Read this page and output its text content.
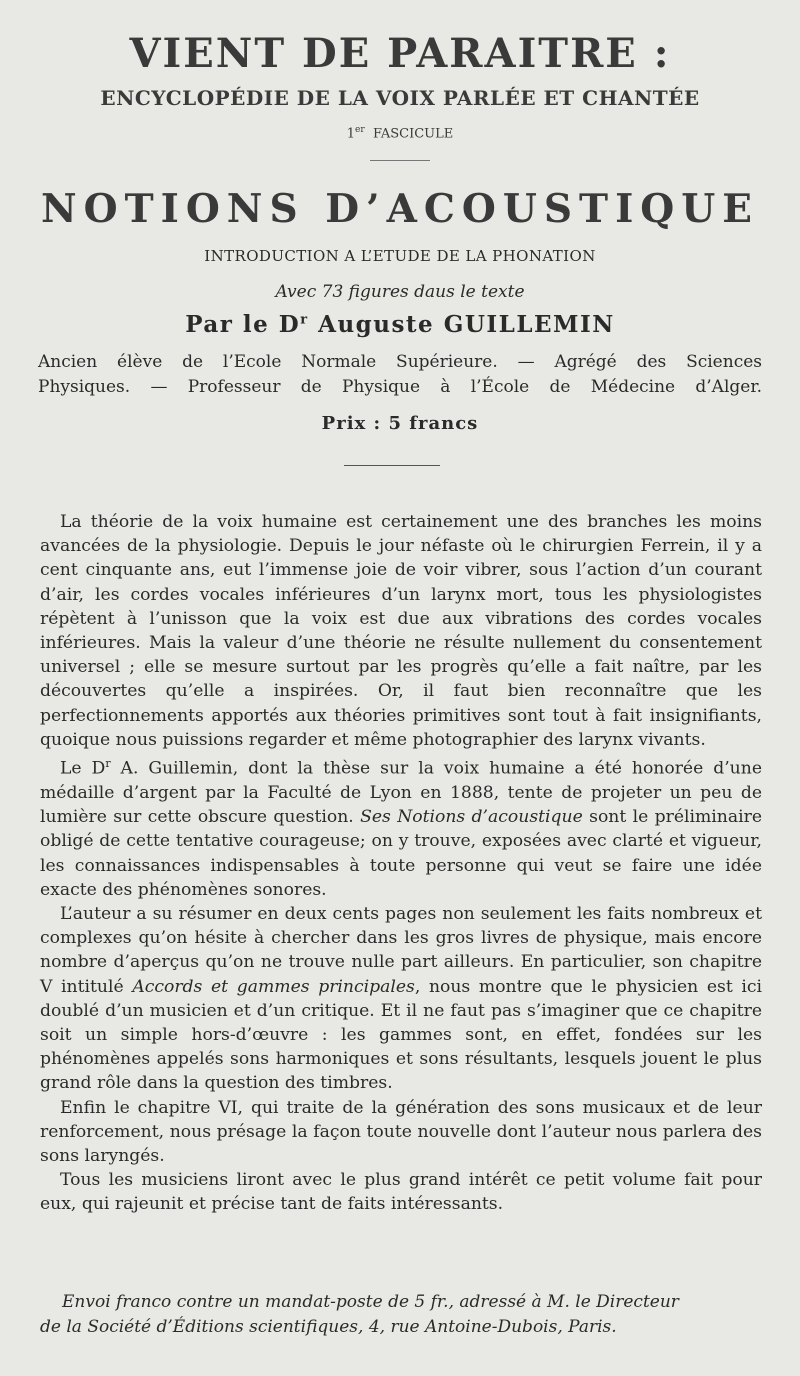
VIENT DE PARAITRE :
ENCYCLOPÉDIE DE LA VOIX PARLÉE ET CHANTÉE
1er FASCICULE
NOTIONS D’ACOUSTIQUE
INTRODUCTION A L’ETUDE DE LA PHONATION
Avec 73 figures daus le texte
Par le $D^r$ Auguste GUILLEMIN
Ancien élève de l’Ecole Normale Supérieure. — Agrégé des Sciences
Physiques. — Professeur de Physique à l’École de Médecine d’Alger.
Prix : 5 francs

La théorie de la voix humaine est certainement une des branches les moins avancées de la physiologie. Depuis le jour néfaste où le chirurgien Ferrein, il y a cent cinquante ans, eut l’immense joie de voir vibrer, sous l’action d’un courant d’air, les cordes vocales inférieures d’un larynx mort, tous les physiologistes répètent à l’unisson que la voix est due aux vibrations des cordes vocales inférieures. Mais la valeur d’une théorie ne résulte nullement du consentement universel ; elle se mesure surtout par les progrès qu’elle a fait naître, par les découvertes qu’elle a inspirées. Or, il faut bien reconnaître que les perfectionnements apportés aux théories primitives sont tout à fait insignifiants, quoique nous puissions regarder et même photographier des larynx vivants.

Le $D^r$ A. Guillemin, dont la thèse sur la voix humaine a été honorée d’une médaille d’argent par la Faculté de Lyon en 1888, tente de projeter un peu de lumière sur cette obscure question. Ses Notions d’acoustique sont le préliminaire obligé de cette tentative courageuse; on y trouve, exposées avec clarté et vigueur, les connaissances indispensables à toute personne qui veut se faire une idée exacte des phénomènes sonores.

L’auteur a su résumer en deux cents pages non seulement les faits nombreux et complexes qu’on hésite à chercher dans les gros livres de physique, mais encore nombre d’aperçus qu’on ne trouve nulle part ailleurs. En particulier, son chapitre V intitulé Accords et gammes principales, nous montre que le physicien est ici doublé d’un musicien et d’un critique. Et il ne faut pas s’imaginer que ce chapitre soit un simple hors-d’œuvre : les gammes sont, en effet, fondées sur les phénomènes appelés sons harmoniques et sons résultants, lesquels jouent le plus grand rôle dans la question des timbres.

Enfin le chapitre VI, qui traite de la génération des sons musicaux et de leur renforcement, nous présage la façon toute nouvelle dont l’auteur nous parlera des sons laryngés.

Tous les musiciens liront avec le plus grand intérêt ce petit volume fait pour eux, qui rajeunit et précise tant de faits intéressants.

Envoi franco contre un mandat-poste de 5 fr., adressé à M. le Directeur
de la Société d’Éditions scientifiques, 4, rue Antoine-Dubois, Paris.
